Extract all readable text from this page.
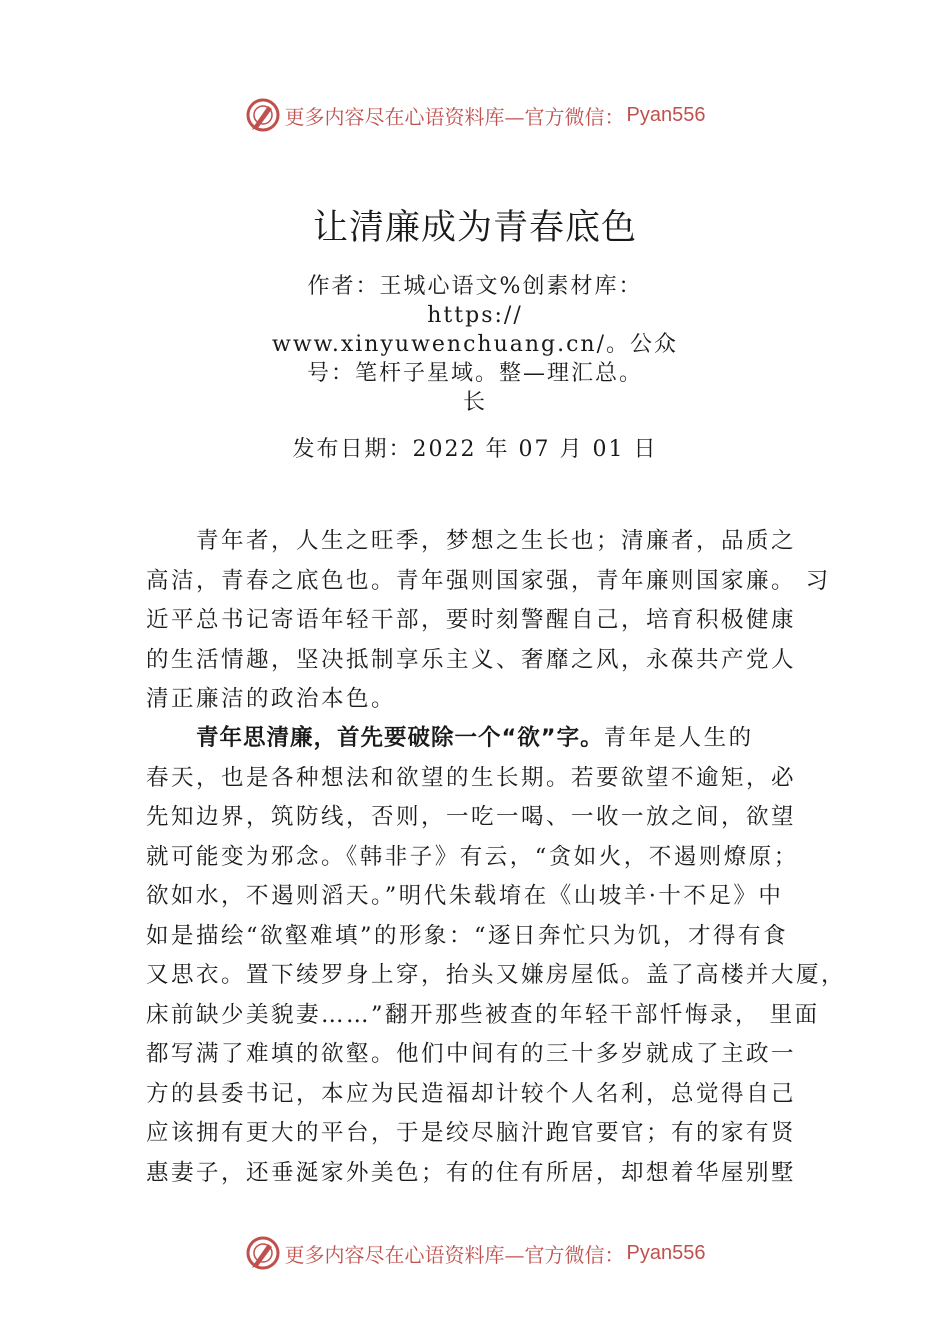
更多内容尽在心语资料库—官方微信： Pyan556
让清廉成为青春底色
作者：王城心语文%创素材库：
https://
www.xinyuwenchuang.cn/。公众
号：笔杆子星域。整—理汇总。
长
发布日期：2022 年 07 月 01 日
青年者，人生之旺季，梦想之生长也；清廉者，品质之
高洁，青春之底色也。青年强则国家强，青年廉则国家廉。 习
近平总书记寄语年轻干部，要时刻警醒自己，培育积极健康
的生活情趣，坚决抵制享乐主义、奢靡之风，永葆共产党人
清正廉洁的政治本色。
青年思清廉，首先要破除一个“欲”字。青年是人生的
春天，也是各种想法和欲望的生长期。若要欲望不逾矩，必
先知边界，筑防线，否则，一吃一喝、一收一放之间，欲望
就可能变为邪念。《韩非子》有云，“贪如火，不遏则燎原；
欲如水，不遏则滔天。”明代朱载堉在《山坡羊·十不足》中
如是描绘“欲壑难填”的形象：“逐日奔忙只为饥，才得有食
又思衣。置下绫罗身上穿，抬头又嫌房屋低。盖了高楼并大厦，
床前缺少美貌妻……”翻开那些被查的年轻干部忏悔录， 里面
都写满了难填的欲壑。他们中间有的三十多岁就成了主政一
方的县委书记，本应为民造福却计较个人名利，总觉得自己
应该拥有更大的平台，于是绞尽脑汁跑官要官；有的家有贤
惠妻子，还垂涎家外美色；有的住有所居，却想着华屋别墅
更多内容尽在心语资料库—官方微信： Pyan556
